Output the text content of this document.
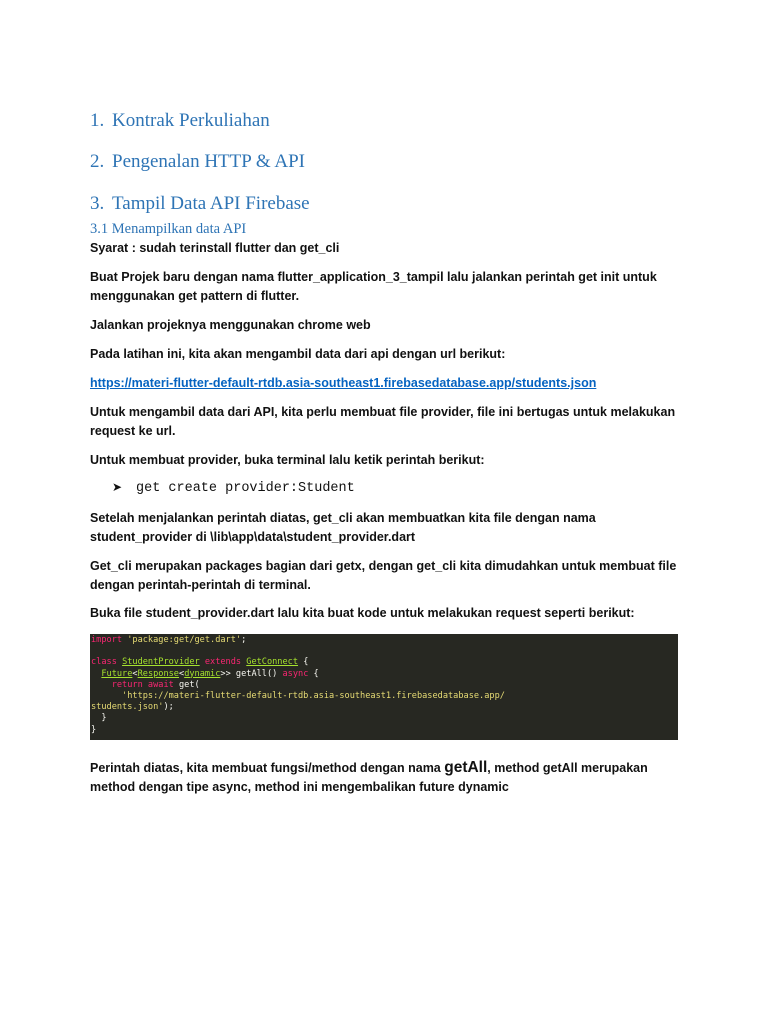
1. Kontrak Perkuliahan
2. Pengenalan HTTP & API
3. Tampil Data API Firebase
3.1 Menampilkan data API
Syarat : sudah terinstall flutter dan get_cli
Buat Projek baru dengan nama flutter_application_3_tampil lalu jalankan perintah get init untuk menggunakan get pattern di flutter.
Jalankan projeknya menggunakan chrome web
Pada latihan ini, kita akan mengambil data dari api dengan url berikut:
https://materi-flutter-default-rtdb.asia-southeast1.firebasedatabase.app/students.json
Untuk mengambil data dari API, kita perlu membuat file provider, file ini bertugas untuk melakukan request ke url.
Untuk membuat provider, buka terminal lalu ketik perintah berikut:
➤ get create provider:Student
Setelah menjalankan perintah diatas, get_cli akan membuatkan kita file dengan nama student_provider di \lib\app\data\student_provider.dart
Get_cli merupakan packages bagian dari getx, dengan get_cli kita dimudahkan untuk membuat file dengan perintah-perintah di terminal.
Buka file student_provider.dart lalu kita buat kode untuk melakukan request seperti berikut:
import 'package:get/get.dart';

class StudentProvider extends GetConnect {
Future<Response<dynamic>> getAll() async {
return await get(
'https://materi-flutter-default-rtdb.asia-southeast1.firebasedatabase.app/
students.json');
}
}
Perintah diatas, kita membuat fungsi/method dengan nama getAll, method getAll merupakan method dengan tipe async, method ini mengembalikan future dynamic
